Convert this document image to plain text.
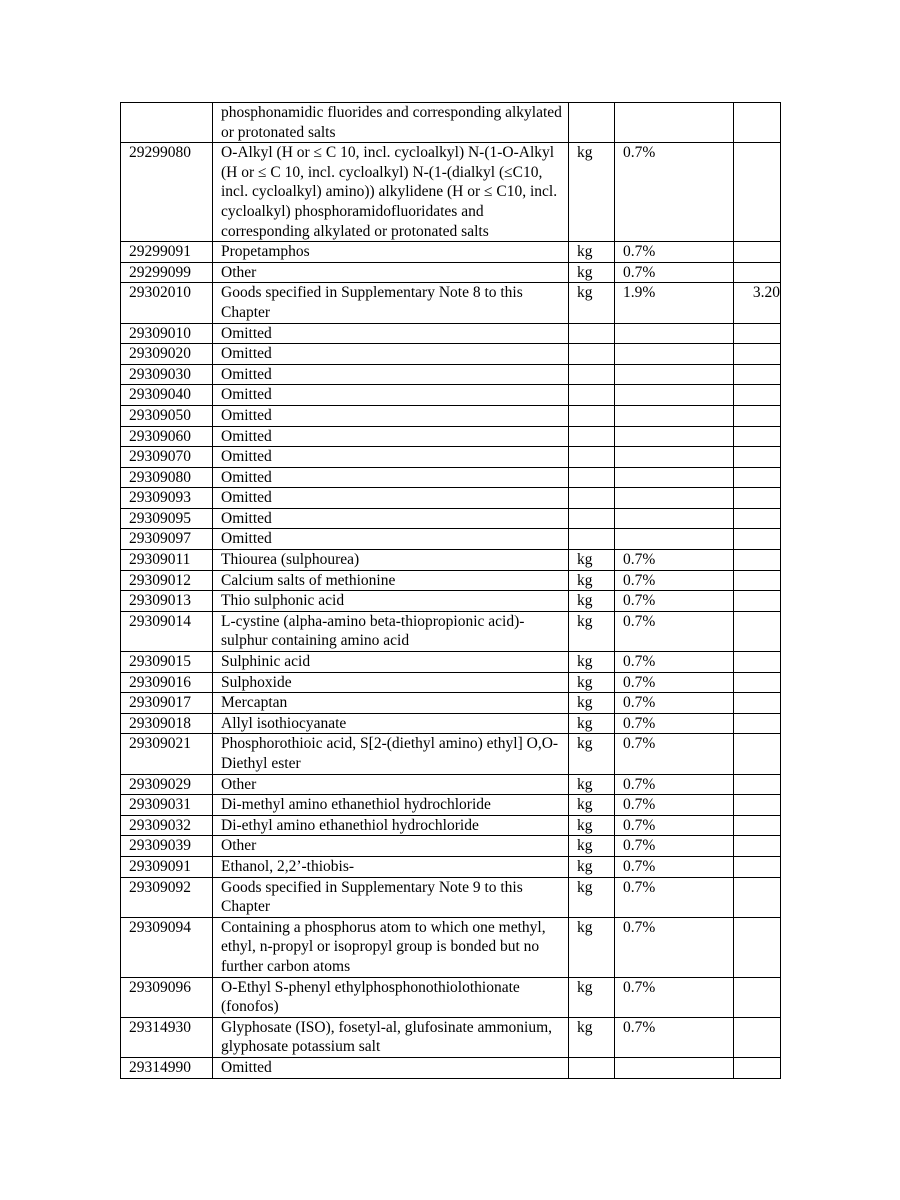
	phosphonamidic fluorides and corresponding alkylated or protonated salts			
29299080	O-Alkyl (H or ≤ C 10, incl. cycloalkyl) N-(1-O-Alkyl (H or ≤ C 10, incl. cycloalkyl) N-(1-(dialkyl (≤C10, incl. cycloalkyl) amino)) alkylidene (H or ≤ C10, incl. cycloalkyl) phosphoramidofluoridates and corresponding alkylated or protonated salts	kg	0.7%	
29299091	Propetamphos	kg	0.7%	
29299099	Other	kg	0.7%	
29302010	Goods specified in Supplementary Note 8 to this Chapter	kg	1.9%	3.20
29309010	Omitted			
29309020	Omitted			
29309030	Omitted			
29309040	Omitted			
29309050	Omitted			
29309060	Omitted			
29309070	Omitted			
29309080	Omitted			
29309093	Omitted			
29309095	Omitted			
29309097	Omitted			
29309011	Thiourea (sulphourea)	kg	0.7%	
29309012	Calcium salts of methionine	kg	0.7%	
29309013	Thio sulphonic acid	kg	0.7%	
29309014	L-cystine (alpha-amino beta-thiopropionic acid)-sulphur containing amino acid	kg	0.7%	
29309015	Sulphinic acid	kg	0.7%	
29309016	Sulphoxide	kg	0.7%	
29309017	Mercaptan	kg	0.7%	
29309018	Allyl isothiocyanate	kg	0.7%	
29309021	Phosphorothioic acid, S[2-(diethyl amino) ethyl] O,O-Diethyl ester	kg	0.7%	
29309029	Other	kg	0.7%	
29309031	Di-methyl amino ethanethiol hydrochloride	kg	0.7%	
29309032	Di-ethyl amino ethanethiol hydrochloride	kg	0.7%	
29309039	Other	kg	0.7%	
29309091	Ethanol, 2,2’-thiobis-	kg	0.7%	
29309092	Goods specified in Supplementary Note 9 to this Chapter	kg	0.7%	
29309094	Containing a phosphorus atom to which one methyl, ethyl, n-propyl or isopropyl group is bonded but no further carbon atoms	kg	0.7%	
29309096	O-Ethyl S-phenyl ethylphosphonothiolothionate (fonofos)	kg	0.7%	
29314930	Glyphosate (ISO), fosetyl-al, glufosinate ammonium, glyphosate potassium salt	kg	0.7%	
29314990	Omitted			
